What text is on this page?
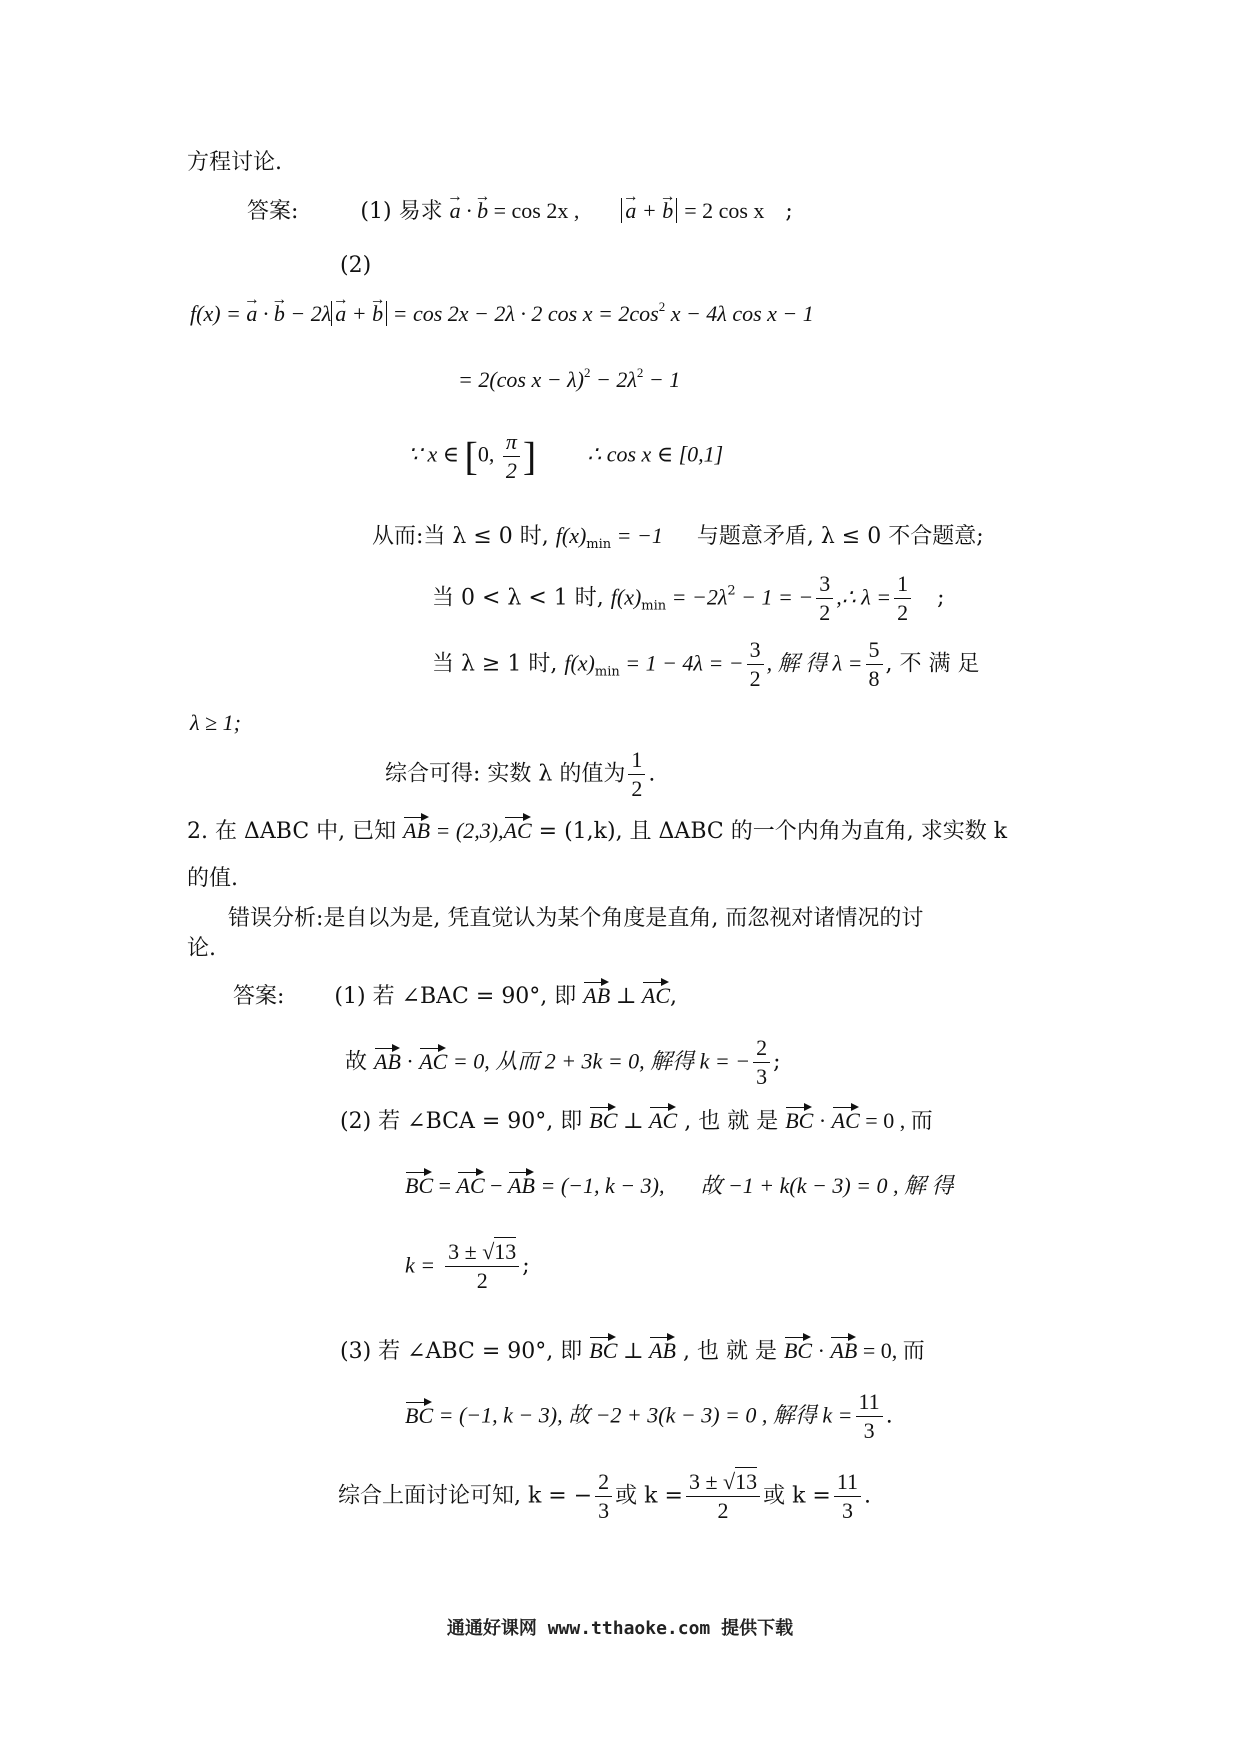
方程讨论.
答案:	(1) 易求 → a · → b = cos 2x , → a + → b = 2 cos x ;
(2)
f(x) = → a · → b − 2λ → a + → b = cos 2x − 2λ · 2 $\cos x = 2\cos^2$ x − 4λ cos x − 1
= 2(cos $x - \lambda)^2 - 2\lambda^2 - 1$
∵ x ∈ [0, $\frac{\pi}{2}$ ] ∴ cos x ∈ [0,1]
从而:当 λ ≤ 0 时, $f(x)_{min} = -1$ 与题意矛盾, λ ≤ 0 不合题意;
当 0 < λ < 1 时, $f(x)_{min} = -2\lambda^2 - 1$ = − $\frac{3}{2}$ ,∴ $\lambda = \frac{1}{2}$ ;
当 λ ≥ 1 时, $f(x)_{min} = 1 - 4\lambda$ = − $\frac{3}{2}$ , 解 得 $\lambda = \frac{5}{8}$ , 不 满 足
λ ≥ 1;
综合可得: 实数 λ 的值为 $\frac{1}{2}$ .
2. 在 ΔABC 中, 已知 AB = (2,3),AC = (1,k), 且 ΔABC 的一个内角为直角, 求实数 k
的值.
错误分析:是自以为是, 凭直觉认为某个角度是直角, 而忽视对诸情况的讨
论.
答案: (1) 若 ∠BAC = 90°, 即 AB ⊥ AC,
故 AB · AC = 0, 从而 2 + 3k = 0, 解得 k = − $\frac{2}{3}$ ;
(2) 若 ∠BCA = 90°, 即 BC ⊥ AC , 也 就 是 BC · AC = 0 , 而
BC = AC − AB = (−1, k − 3), 故 −1 + k(k − 3) = 0 , 解 得
$k = \frac{3 \pm √13}{2}$ ;
(3) 若 ∠ABC = 90°, 即 BC ⊥ AB , 也 就 是 BC · AB = 0, 而
BC = (−1, k − 3), 故 −2 + 3(k − 3) = 0 , 解得 $k = \frac{11}{3}$ .
综合上面讨论可知, k = − $\frac{2}{3}$ 或 $k = \frac{3 \pm √13}{2}$ 或 $k = \frac{11}{3}$ .
通通好课网 www.tthaoke.com 提供下载
